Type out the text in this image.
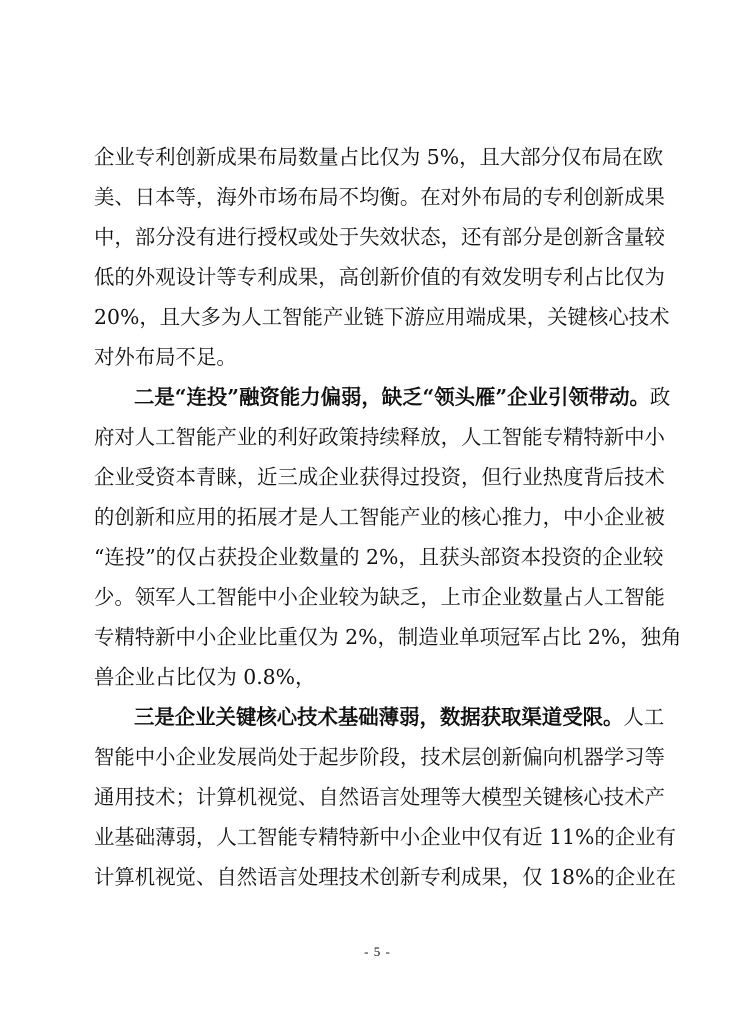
企业专利创新成果布局数量占比仅为 5%，且大部分仅布局在欧
美、日本等，海外市场布局不均衡。在对外布局的专利创新成果
中，部分没有进行授权或处于失效状态，还有部分是创新含量较
低的外观设计等专利成果，高创新价值的有效发明专利占比仅为
20%，且大多为人工智能产业链下游应用端成果，关键核心技术
对外布局不足。
二是“连投”融资能力偏弱，缺乏“领头雁”企业引领带动。政
府对人工智能产业的利好政策持续释放，人工智能专精特新中小
企业受资本青睐，近三成企业获得过投资，但行业热度背后技术
的创新和应用的拓展才是人工智能产业的核心推力，中小企业被
“连投”的仅占获投企业数量的 2%，且获头部资本投资的企业较
少。领军人工智能中小企业较为缺乏，上市企业数量占人工智能
专精特新中小企业比重仅为 2%，制造业单项冠军占比 2%，独角
兽企业占比仅为 0.8%，
三是企业关键核心技术基础薄弱，数据获取渠道受限。人工
智能中小企业发展尚处于起步阶段，技术层创新偏向机器学习等
通用技术；计算机视觉、自然语言处理等大模型关键核心技术产
业基础薄弱，人工智能专精特新中小企业中仅有近 11%的企业有
计算机视觉、自然语言处理技术创新专利成果，仅 18%的企业在
- 5 -
